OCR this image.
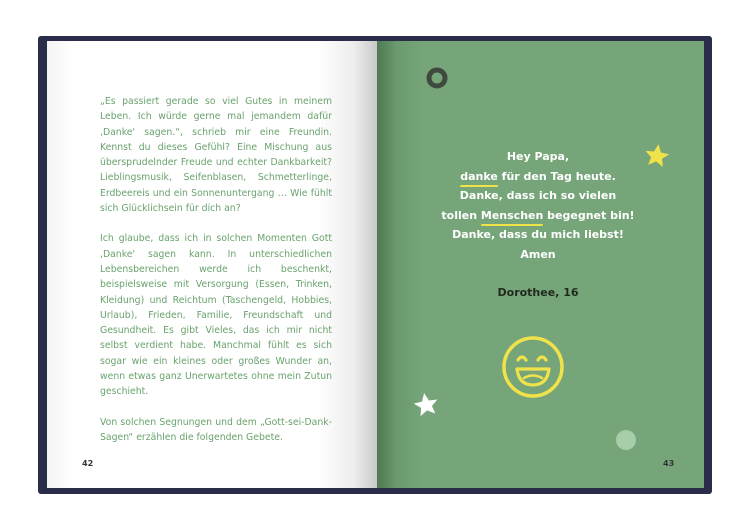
„Es passiert gerade so viel Gutes in meinem Leben. Ich würde gerne mal jemandem dafür ‚Danke' sagen.“, schrieb mir eine Freundin. Kennst du dieses Gefühl? Eine Mischung aus übersprudelnder Freude und echter Dankbarkeit? Lieblingsmusik, Seifenblasen, Schmetterlinge, Erdbeereis und ein Sonnenuntergang … Wie fühlt sich Glücklichsein für dich an?

Ich glaube, dass ich in solchen Momenten Gott ‚Danke' sagen kann. In unterschiedlichen Lebensbereichen werde ich beschenkt, beispielsweise mit Versorgung (Essen, Trinken, Kleidung) und Reichtum (Taschengeld, Hobbies, Urlaub), Frieden, Familie, Freundschaft und Gesundheit. Es gibt Vieles, das ich mir nicht selbst verdient habe. Manchmal fühlt es sich sogar wie ein kleines oder großes Wunder an, wenn etwas ganz Unerwartetes ohne mein Zutun geschieht.

Von solchen Segnungen und dem „Gott-sei-Dank-Sagen“ erzählen die folgenden Gebete.

42	43
Hey Papa,
danke für den Tag heute.
Danke, dass ich so vielen
tollen Menschen begegnet bin!
Danke, dass du mich liebst!
Amen
Dorothee, 16
